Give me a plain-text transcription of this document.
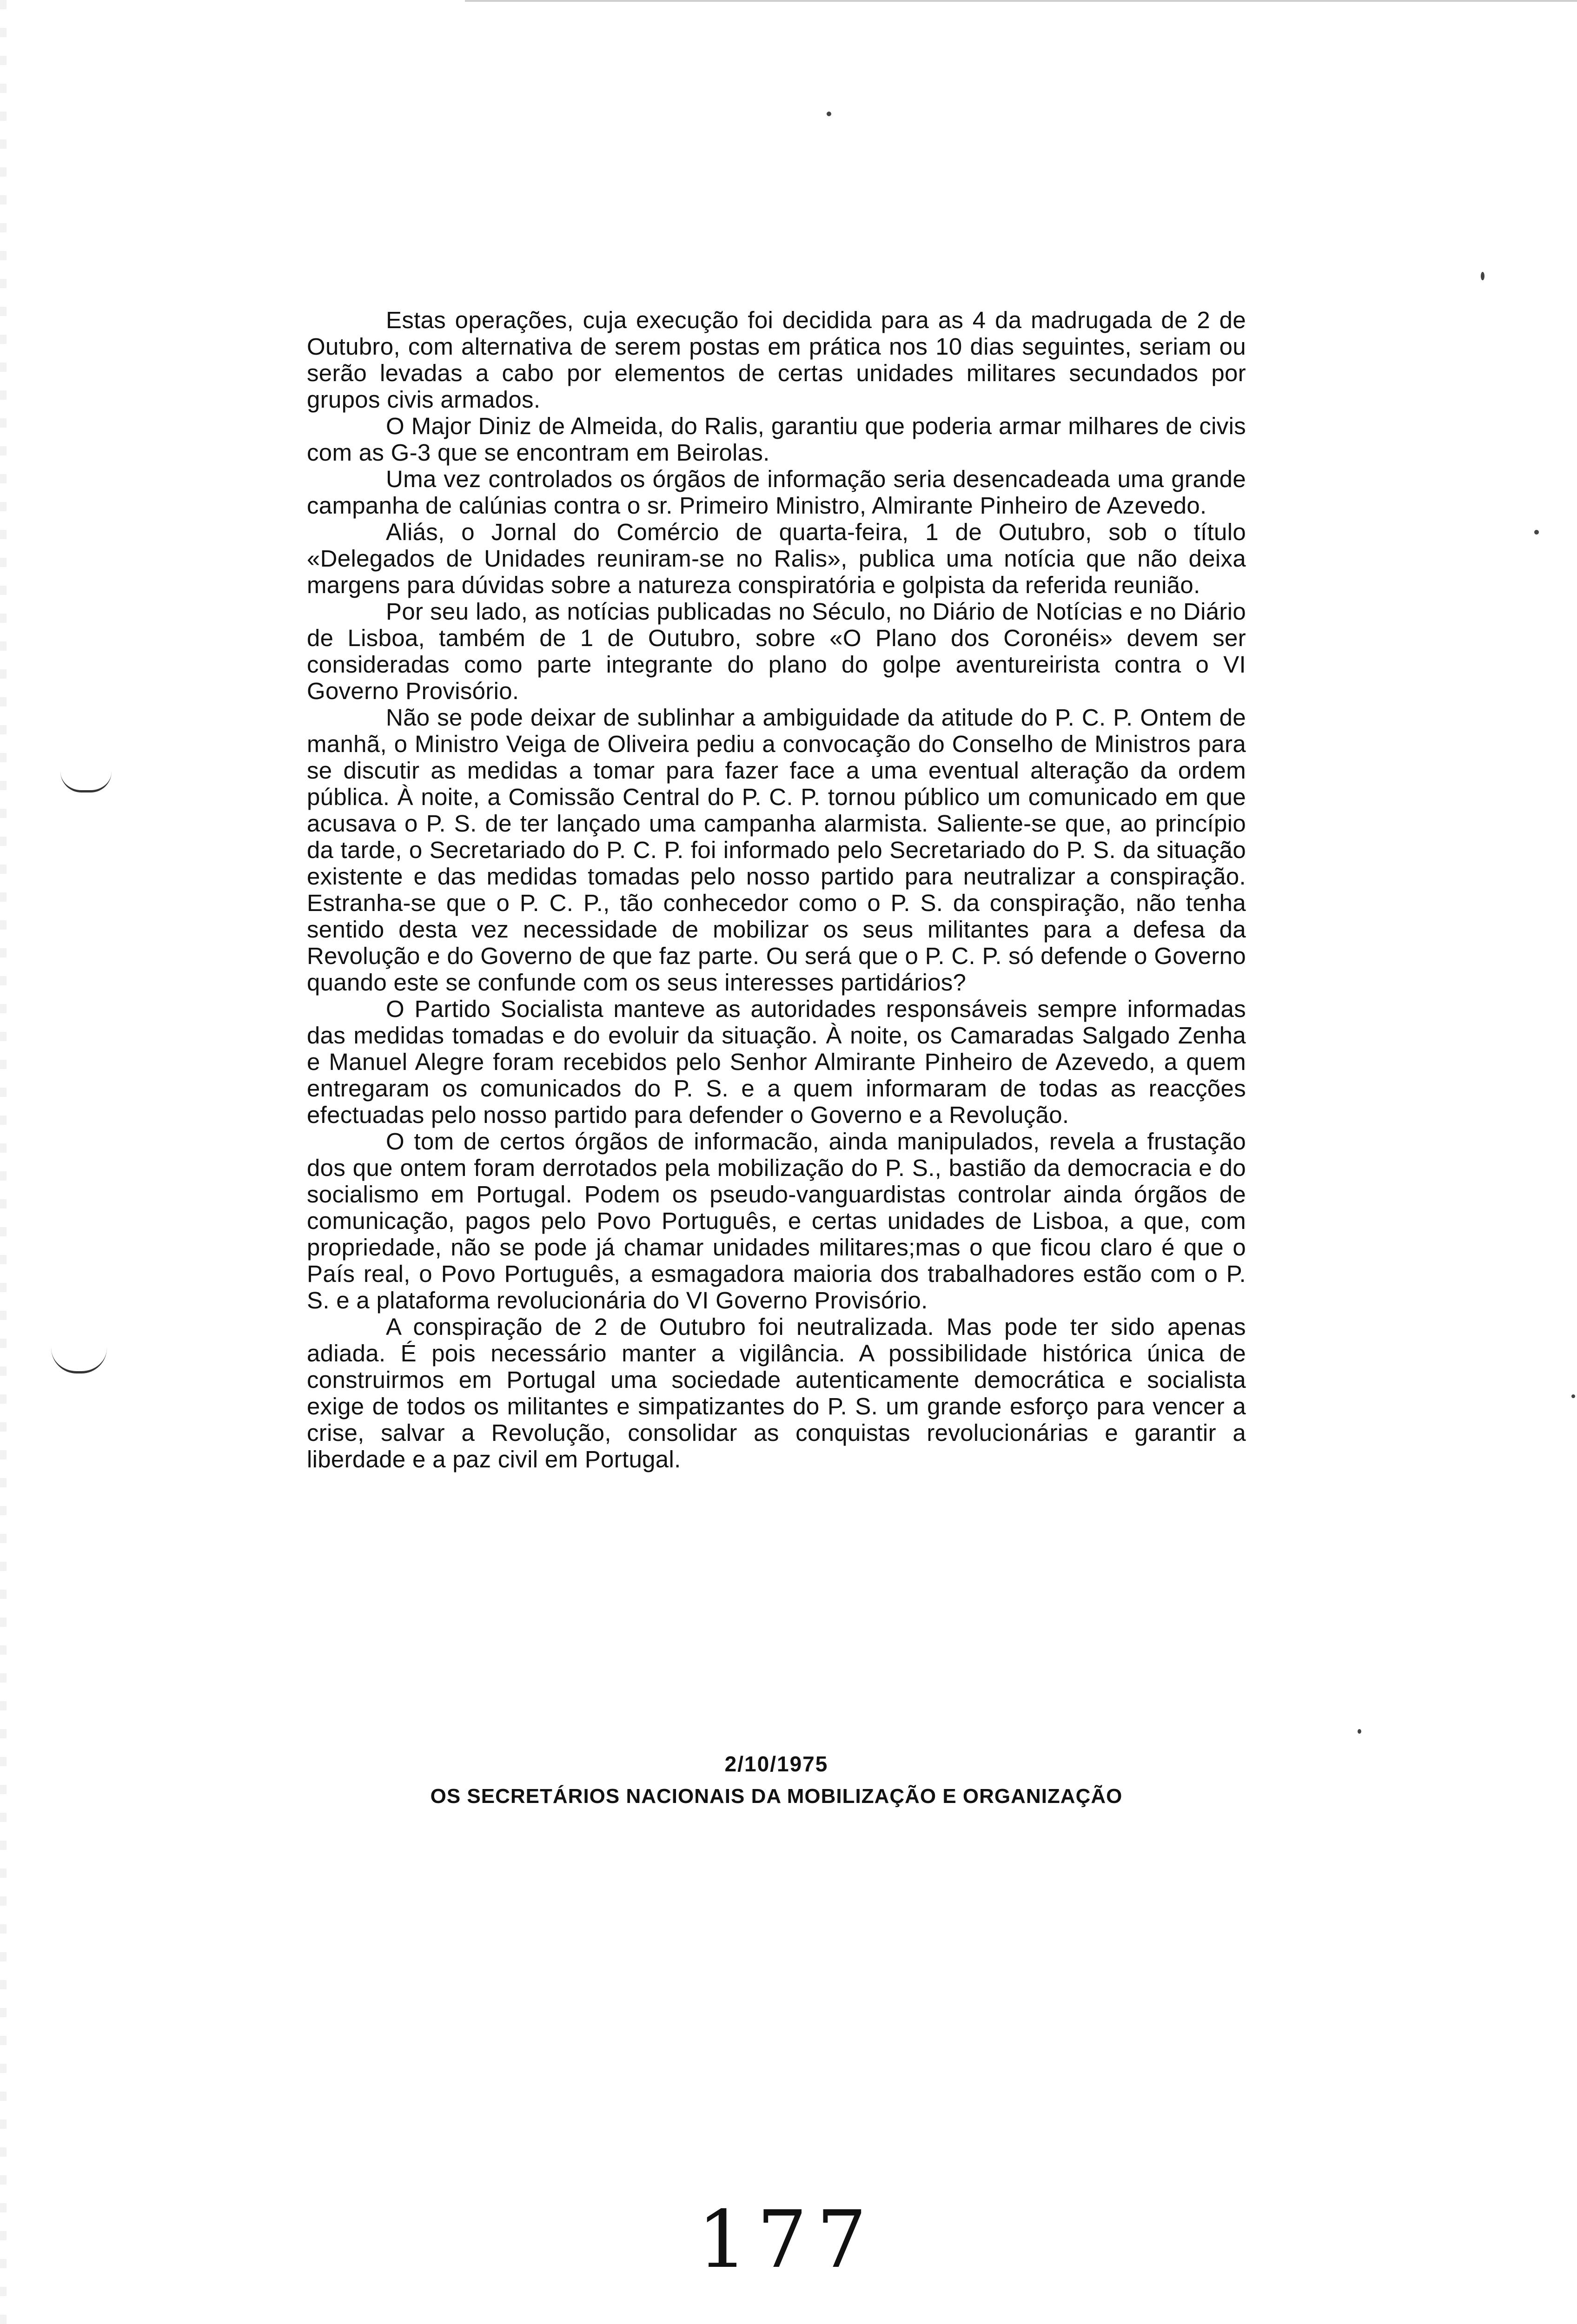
Estas operações, cuja execução foi decidida para as 4 da madrugada de 2 de Outubro, com alternativa de serem postas em prática nos 10 dias seguintes, seriam ou serão levadas a cabo por elementos de certas unidades militares secundados por grupos civis armados.

O Major Diniz de Almeida, do Ralis, garantiu que poderia armar milhares de civis com as G-3 que se encontram em Beirolas.

Uma vez controlados os órgãos de informação seria desencadeada uma grande campanha de calúnias contra o sr. Primeiro Ministro, Almirante Pinheiro de Azevedo.

Aliás, o Jornal do Comércio de quarta-feira, 1 de Outubro, sob o título «Delegados de Unidades reuniram-se no Ralis», publica uma notícia que não deixa margens para dúvidas sobre a natureza conspiratória e golpista da referida reunião.

Por seu lado, as notícias publicadas no Século, no Diário de Notícias e no Diário de Lisboa, também de 1 de Outubro, sobre «O Plano dos Coronéis» devem ser consideradas como parte integrante do plano do golpe aventureirista contra o VI Governo Provisório.

Não se pode deixar de sublinhar a ambiguidade da atitude do P. C. P. Ontem de manhã, o Ministro Veiga de Oliveira pediu a convocação do Conselho de Ministros para se discutir as medidas a tomar para fazer face a uma eventual alteração da ordem pública. À noite, a Comissão Central do P. C. P. tornou público um comunicado em que acusava o P. S. de ter lançado uma campanha alarmista. Saliente-se que, ao princípio da tarde, o Secretariado do P. C. P. foi informado pelo Secretariado do P. S. da situação existente e das medidas tomadas pelo nosso partido para neutralizar a conspiração. Estranha-se que o P. C. P., tão conhecedor como o P. S. da conspiração, não tenha sentido desta vez necessidade de mobilizar os seus militantes para a defesa da Revolução e do Governo de que faz parte. Ou será que o P. C. P. só defende o Governo quando este se confunde com os seus interesses partidários?

O Partido Socialista manteve as autoridades responsáveis sempre informadas das medidas tomadas e do evoluir da situação. À noite, os Camaradas Salgado Zenha e Manuel Alegre foram recebidos pelo Senhor Almirante Pinheiro de Azevedo, a quem entregaram os comunicados do P. S. e a quem informaram de todas as reacções efectuadas pelo nosso partido para defender o Governo e a Revolução.

O tom de certos órgãos de informacão, ainda manipulados, revela a frustação dos que ontem foram derrotados pela mobilização do P. S., bastião da democracia e do socialismo em Portugal. Podem os pseudo-vanguardistas controlar ainda órgãos de comunicação, pagos pelo Povo Português, e certas unidades de Lisboa, a que, com propriedade, não se pode já chamar unidades militares;mas o que ficou claro é que o País real, o Povo Português, a esmagadora maioria dos trabalhadores estão com o P. S. e a plataforma revolucionária do VI Governo Provisório.

A conspiração de 2 de Outubro foi neutralizada. Mas pode ter sido apenas adiada. É pois necessário manter a vigilância. A possibilidade histórica única de construirmos em Portugal uma sociedade autenticamente democrática e socialista exige de todos os militantes e simpatizantes do P. S. um grande esforço para vencer a crise, salvar a Revolução, consolidar as conquistas revolucionárias e garantir a liberdade e a paz civil em Portugal.

2/10/1975

OS SECRETÁRIOS NACIONAIS DA MOBILIZAÇÃO E ORGANIZAÇÃO

177
